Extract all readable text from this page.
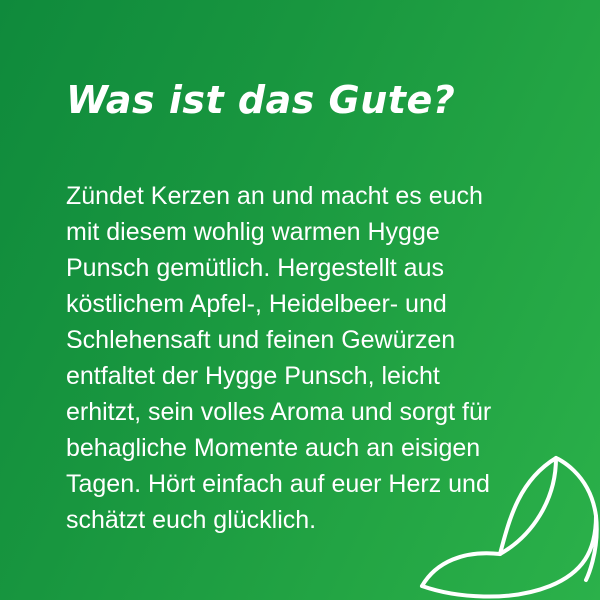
Was ist das Gute?

Zündet Kerzen an und macht es euch mit diesem wohlig warmen Hygge Punsch gemütlich. Hergestellt aus köstlichem Apfel-, Heidelbeer- und Schlehensaft und feinen Gewürzen entfaltet der Hygge Punsch, leicht erhitzt, sein volles Aroma und sorgt für behagliche Momente auch an eisigen Tagen. Hört einfach auf euer Herz und schätzt euch glücklich.
